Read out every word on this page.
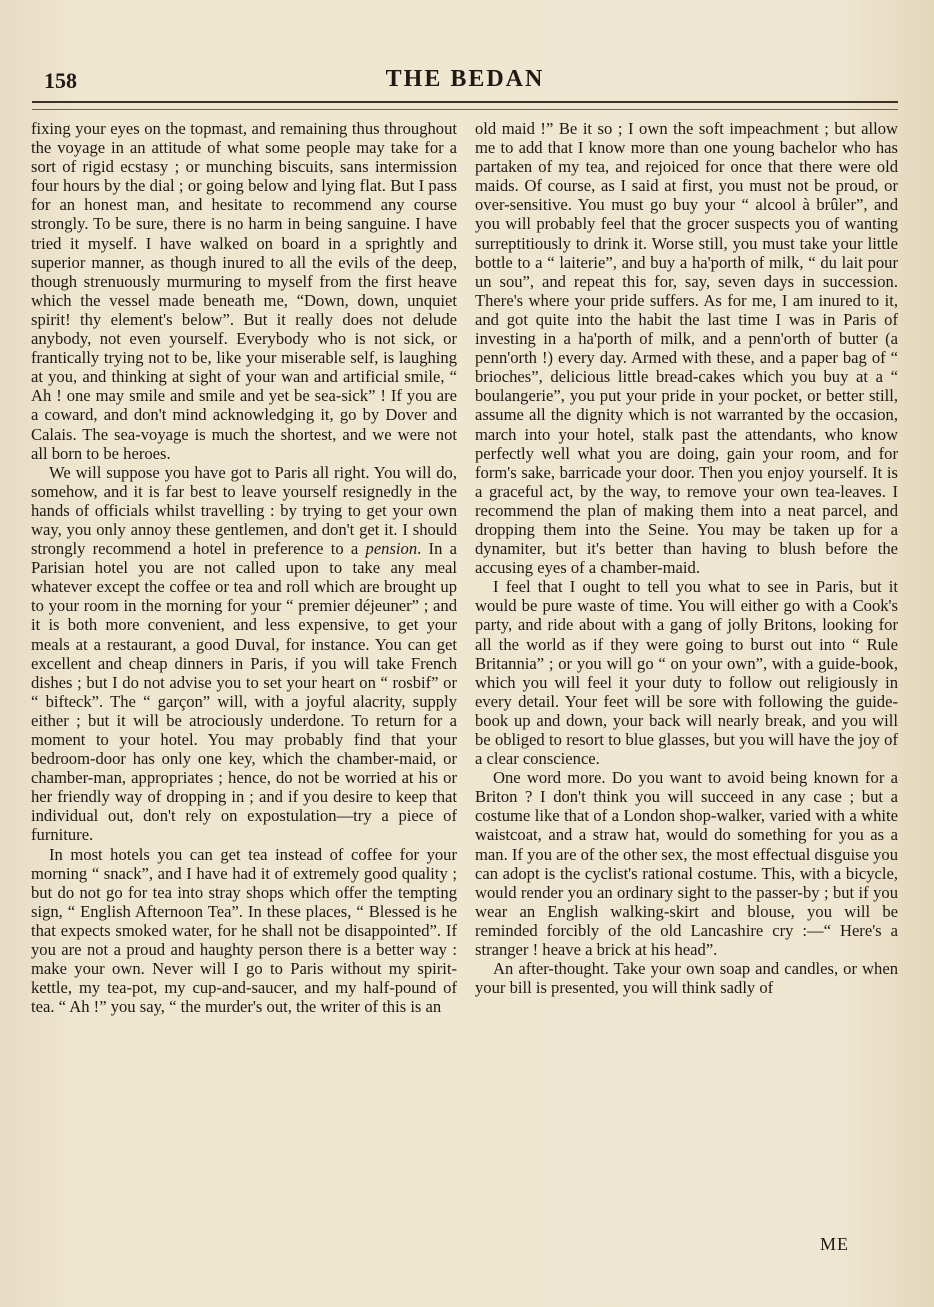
158	THE BEDAN

fixing your eyes on the topmast, and remaining thus throughout the voyage in an attitude of what some people may take for a sort of rigid ecstasy ; or munching biscuits, sans intermission four hours by the dial ; or going below and lying flat. But I pass for an honest man, and hesitate to recommend any course strongly. To be sure, there is no harm in being sanguine. I have tried it myself. I have walked on board in a sprightly and superior manner, as though inured to all the evils of the deep, though strenuously murmuring to myself from the first heave which the vessel made beneath me, “Down, down, unquiet spirit! thy element's below”. But it really does not delude anybody, not even yourself. Everybody who is not sick, or frantically trying not to be, like your miserable self, is laughing at you, and thinking at sight of your wan and artificial smile, “ Ah ! one may smile and smile and yet be sea-sick” ! If you are a coward, and don't mind acknowledging it, go by Dover and Calais. The sea-voyage is much the shortest, and we were not all born to be heroes.

We will suppose you have got to Paris all right. You will do, somehow, and it is far best to leave yourself resignedly in the hands of officials whilst travelling : by trying to get your own way, you only annoy these gentlemen, and don't get it. I should strongly recommend a hotel in preference to a pension. In a Parisian hotel you are not called upon to take any meal whatever except the coffee or tea and roll which are brought up to your room in the morning for your “ premier déjeuner” ; and it is both more convenient, and less expensive, to get your meals at a restaurant, a good Duval, for instance. You can get excellent and cheap dinners in Paris, if you will take French dishes ; but I do not advise you to set your heart on “ rosbif” or “ bifteck”. The “ garçon” will, with a joyful alacrity, supply either ; but it will be atrociously underdone. To return for a moment to your hotel. You may probably find that your bedroom-door has only one key, which the chamber-maid, or chamber-man, appropriates ; hence, do not be worried at his or her friendly way of dropping in ; and if you desire to keep that individual out, don't rely on expostulation—try a piece of furniture.

In most hotels you can get tea instead of coffee for your morning “ snack”, and I have had it of extremely good quality ; but do not go for tea into stray shops which offer the tempting sign, “ English Afternoon Tea”. In these places, “ Blessed is he that expects smoked water, for he shall not be disappointed”. If you are not a proud and haughty person there is a better way : make your own. Never will I go to Paris without my spirit-kettle, my tea-pot, my cup-and-saucer, and my half-pound of tea. “ Ah !” you say, “ the murder's out, the writer of this is an

old maid !” Be it so ; I own the soft impeachment ; but allow me to add that I know more than one young bachelor who has partaken of my tea, and rejoiced for once that there were old maids. Of course, as I said at first, you must not be proud, or over-sensitive. You must go buy your “ alcool à brûler”, and you will probably feel that the grocer suspects you of wanting surreptitiously to drink it. Worse still, you must take your little bottle to a “ laiterie”, and buy a ha'porth of milk, “ du lait pour un sou”, and repeat this for, say, seven days in succession. There's where your pride suffers. As for me, I am inured to it, and got quite into the habit the last time I was in Paris of investing in a ha'porth of milk, and a penn'orth of butter (a penn'orth !) every day. Armed with these, and a paper bag of “ brioches”, delicious little bread-cakes which you buy at a “ boulangerie”, you put your pride in your pocket, or better still, assume all the dignity which is not warranted by the occasion, march into your hotel, stalk past the attendants, who know perfectly well what you are doing, gain your room, and for form's sake, barricade your door. Then you enjoy yourself. It is a graceful act, by the way, to remove your own tea-leaves. I recommend the plan of making them into a neat parcel, and dropping them into the Seine. You may be taken up for a dynamiter, but it's better than having to blush before the accusing eyes of a chamber-maid.

I feel that I ought to tell you what to see in Paris, but it would be pure waste of time. You will either go with a Cook's party, and ride about with a gang of jolly Britons, looking for all the world as if they were going to burst out into “ Rule Britannia” ; or you will go “ on your own”, with a guide-book, which you will feel it your duty to follow out religiously in every detail. Your feet will be sore with following the guide-book up and down, your back will nearly break, and you will be obliged to resort to blue glasses, but you will have the joy of a clear conscience.

One word more. Do you want to avoid being known for a Briton ? I don't think you will succeed in any case ; but a costume like that of a London shop-walker, varied with a white waistcoat, and a straw hat, would do something for you as a man. If you are of the other sex, the most effectual disguise you can adopt is the cyclist's rational costume. This, with a bicycle, would render you an ordinary sight to the passer-by ; but if you wear an English walking-skirt and blouse, you will be reminded forcibly of the old Lancashire cry :—“ Here's a stranger ! heave a brick at his head”.

An after-thought. Take your own soap and candles, or when your bill is presented, you will think sadly of

ME
